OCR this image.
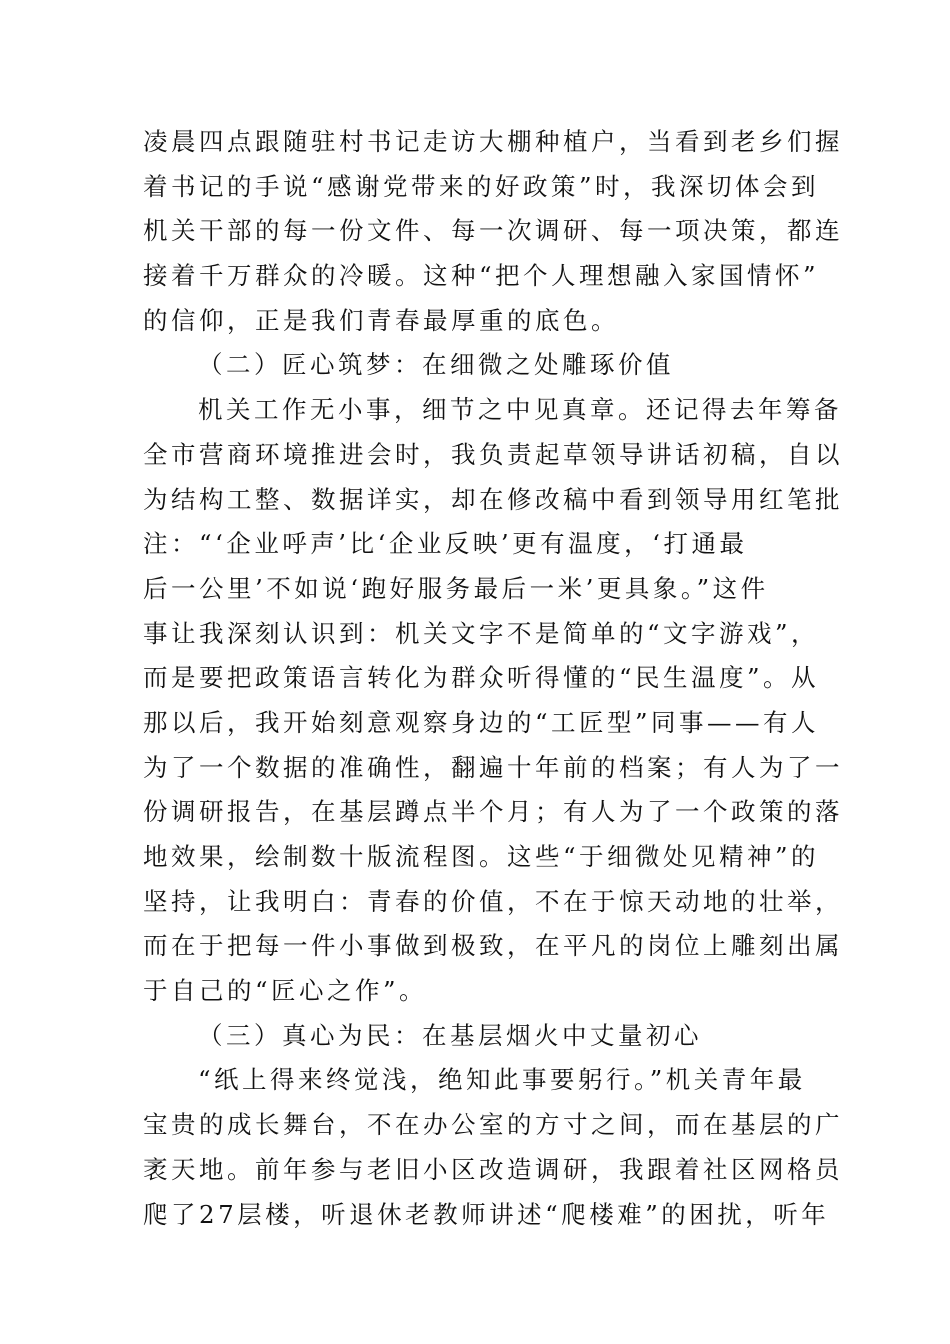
凌晨四点跟随驻村书记走访大棚种植户，当看到老乡们握
着书记的手说“感谢党带来的好政策”时，我深切体会到
机关干部的每一份文件、每一次调研、每一项决策，都连
接着千万群众的冷暖。这种“把个人理想融入家国情怀”
的信仰，正是我们青春最厚重的底色。
（二）匠心筑梦：在细微之处雕琢价值
机关工作无小事，细节之中见真章。还记得去年筹备
全市营商环境推进会时，我负责起草领导讲话初稿，自以
为结构工整、数据详实，却在修改稿中看到领导用红笔批
注：“‘企业呼声’比‘企业反映’更有温度，‘打通最
后一公里’不如说‘跑好服务最后一米’更具象。”这件
事让我深刻认识到：机关文字不是简单的“文字游戏”，
而是要把政策语言转化为群众听得懂的“民生温度”。从
那以后，我开始刻意观察身边的“工匠型”同事——有人
为了一个数据的准确性，翻遍十年前的档案；有人为了一
份调研报告，在基层蹲点半个月；有人为了一个政策的落
地效果，绘制数十版流程图。这些“于细微处见精神”的
坚持，让我明白：青春的价值，不在于惊天动地的壮举，
而在于把每一件小事做到极致，在平凡的岗位上雕刻出属
于自己的“匠心之作”。
（三）真心为民：在基层烟火中丈量初心
“纸上得来终觉浅，绝知此事要躬行。”机关青年最
宝贵的成长舞台，不在办公室的方寸之间，而在基层的广
袤天地。前年参与老旧小区改造调研，我跟着社区网格员
爬了27层楼，听退休老教师讲述“爬楼难”的困扰，听年
